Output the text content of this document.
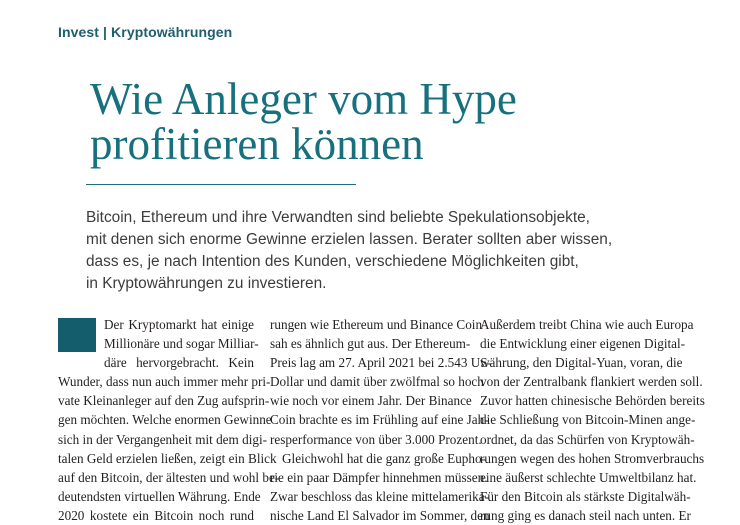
Invest | Kryptowährungen
Wie Anleger vom Hype
profitieren können
Bitcoin, Ethereum und ihre Verwandten sind beliebte Spekulationsobjekte,
mit denen sich enorme Gewinne erzielen lassen. Berater sollten aber wissen,
dass es, je nach Intention des Kunden, verschiedene Möglichkeiten gibt,
in Kryptowährungen zu investieren.
Der Kryptomarkt hat einige
Millionäre und sogar Milliar-
däre hervorgebracht. Kein
Wunder, dass nun auch immer mehr pri-
vate Kleinanleger auf den Zug aufsprin-
gen möchten. Welche enormen Gewinne
sich in der Vergangenheit mit dem digi-
talen Geld erzielen ließen, zeigt ein Blick
auf den Bitcoin, der ältesten und wohl be-
deutendsten virtuellen Währung. Ende
2020 kostete ein Bitcoin noch rund
rungen wie Ethereum und Binance Coin
sah es ähnlich gut aus. Der Ethereum-
Preis lag am 27. April 2021 bei 2.543 US-
Dollar und damit über zwölfmal so hoch
wie noch vor einem Jahr. Der Binance
Coin brachte es im Frühling auf eine Jah-
resperformance von über 3.000 Prozent.
Gleichwohl hat die ganz große Eupho-
rie ein paar Dämpfer hinnehmen müssen.
Zwar beschloss das kleine mittelamerika-
nische Land El Salvador im Sommer, den
Außerdem treibt China wie auch Europa
die Entwicklung einer eigenen Digital-
währung, den Digital-Yuan, voran, die
von der Zentralbank flankiert werden soll.
Zuvor hatten chinesische Behörden bereits
die Schließung von Bitcoin-Minen ange-
ordnet, da das Schürfen von Kryptowäh-
rungen wegen des hohen Stromverbrauchs
eine äußerst schlechte Umweltbilanz hat.
Für den Bitcoin als stärkste Digitalwäh-
rung ging es danach steil nach unten. Er
